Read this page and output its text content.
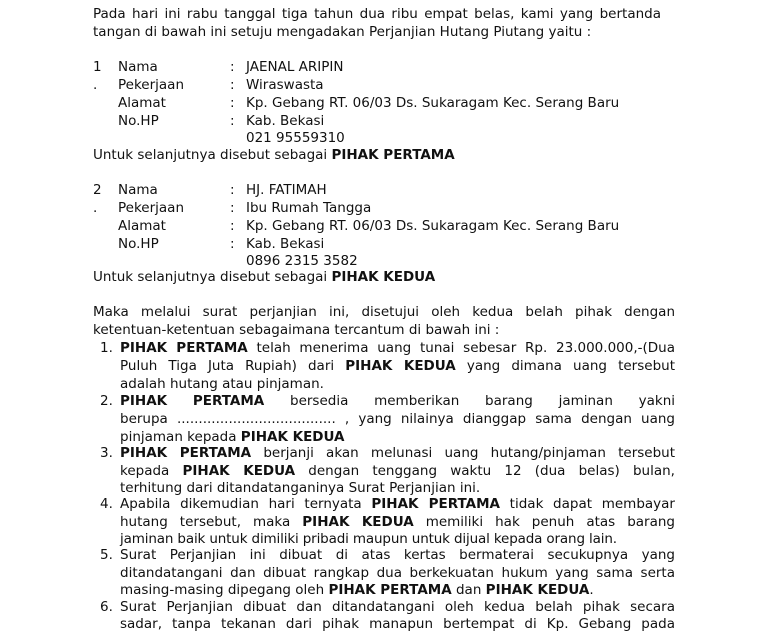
Pada hari ini rabu tanggal tiga tahun dua ribu empat belas, kami yang bertanda
tangan di bawah ini setuju mengadakan Perjanjian Hutang Piutang yaitu :
1
.
Nama
Pekerjaan
Alamat
No.HP
:
:
:
:
JAENAL ARIPIN
Wiraswasta
Kp. Gebang RT. 06/03 Ds. Sukaragam Kec. Serang Baru
Kab. Bekasi
021 95559310
Untuk selanjutnya disebut sebagai PIHAK PERTAMA
2
.
Nama
Pekerjaan
Alamat
No.HP
:
:
:
:
HJ. FATIMAH
Ibu Rumah Tangga
Kp. Gebang RT. 06/03 Ds. Sukaragam Kec. Serang Baru
Kab. Bekasi
0896 2315 3582
Untuk selanjutnya disebut sebagai PIHAK KEDUA
Maka melalui surat perjanjian ini, disetujui oleh kedua belah pihak dengan
ketentuan-ketentuan sebagaimana tercantum di bawah ini :
1. PIHAK PERTAMA telah menerima uang tunai sebesar Rp. 23.000.000,-(Dua
Puluh Tiga Juta Rupiah) dari PIHAK KEDUA yang dimana uang tersebut
adalah hutang atau pinjaman.
2. PIHAK PERTAMA bersedia memberikan barang jaminan yakni
berupa ..................................... , yang nilainya dianggap sama dengan uang
pinjaman kepada PIHAK KEDUA
3. PIHAK PERTAMA berjanji akan melunasi uang hutang/pinjaman tersebut
kepada PIHAK KEDUA dengan tenggang waktu 12 (dua belas) bulan,
terhitung dari ditandatanganinya Surat Perjanjian ini.
4. Apabila dikemudian hari ternyata PIHAK PERTAMA tidak dapat membayar
hutang tersebut, maka PIHAK KEDUA memiliki hak penuh atas barang
jaminan baik untuk dimiliki pribadi maupun untuk dijual kepada orang lain.
5. Surat Perjanjian ini dibuat di atas kertas bermaterai secukupnya yang
ditandatangani dan dibuat rangkap dua berkekuatan hukum yang sama serta
masing-masing dipegang oleh PIHAK PERTAMA dan PIHAK KEDUA.
6. Surat Perjanjian dibuat dan ditandatangani oleh kedua belah pihak secara
sadar, tanpa tekanan dari pihak manapun bertempat di Kp. Gebang pada
